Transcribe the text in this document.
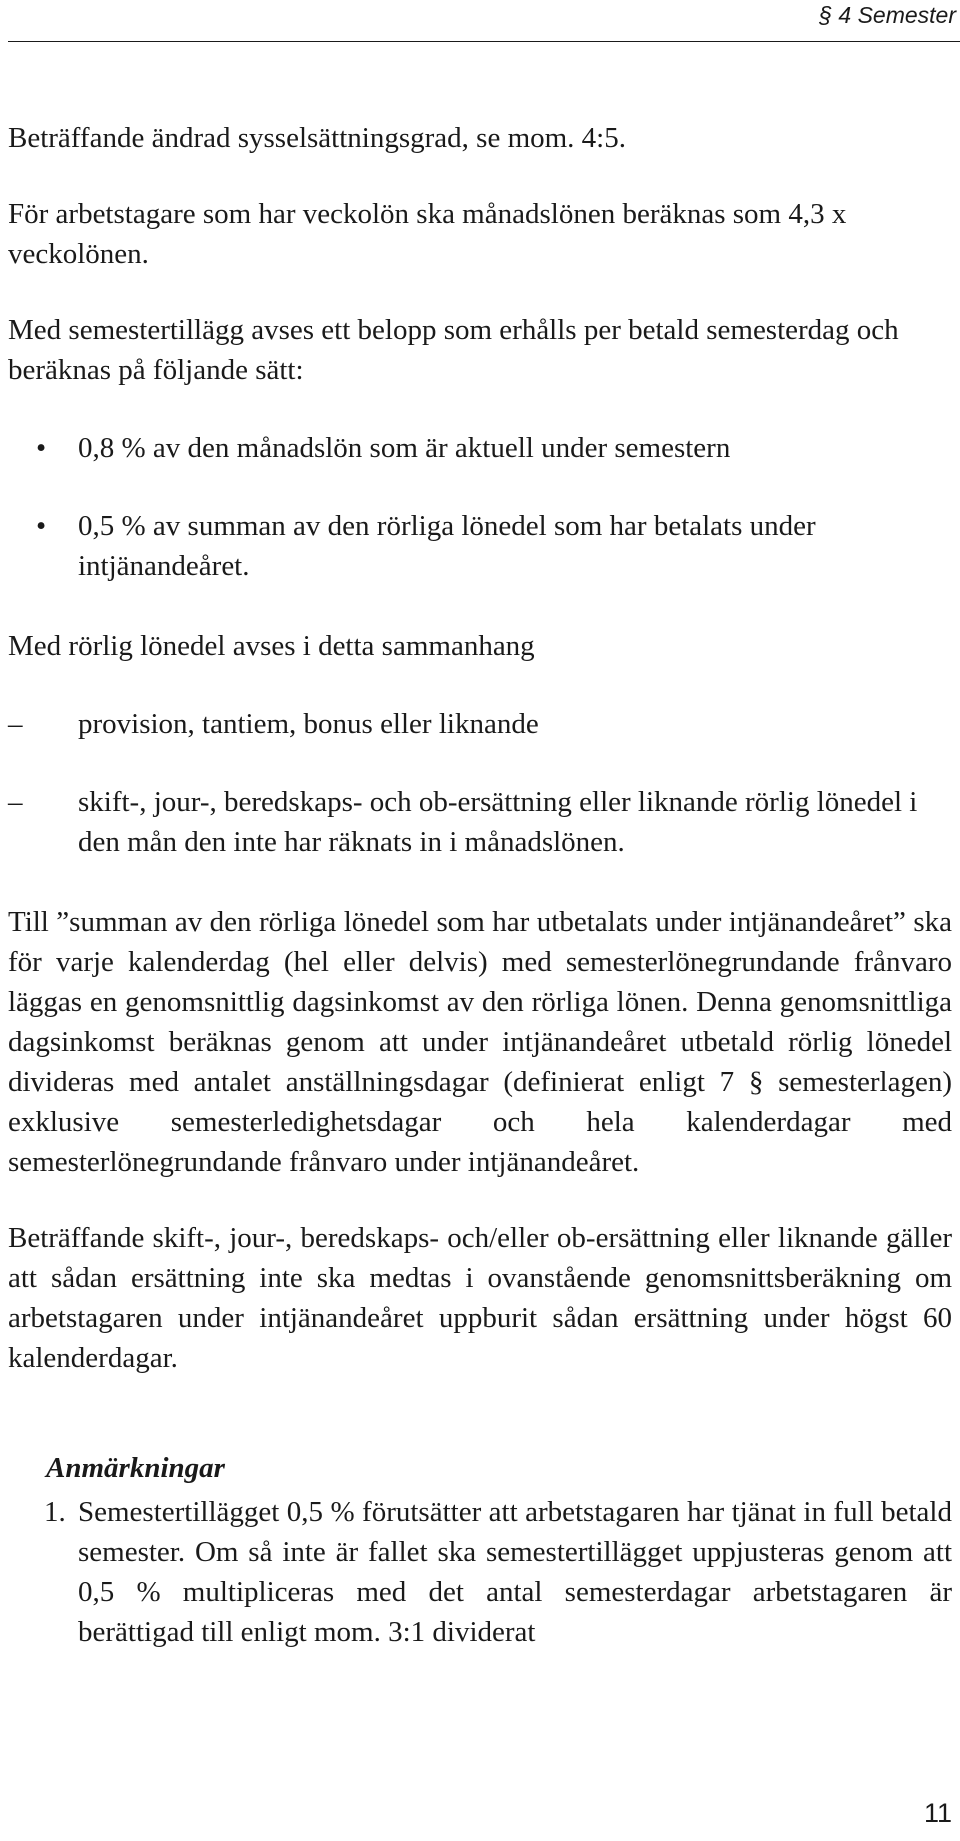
§ 4 Semester

Beträffande ändrad sysselsättningsgrad, se mom. 4:5.

För arbetstagare som har veckolön ska månadslönen beräknas som 4,3 x veckolönen.

Med semestertillägg avses ett belopp som erhålls per betald semesterdag och beräknas på följande sätt:

•	0,8 % av den månadslön som är aktuell under semestern
•	0,5 % av summan av den rörliga lönedel som har betalats under intjänandeåret.

Med rörlig lönedel avses i detta sammanhang

–	provision, tantiem, bonus eller liknande
–	skift-, jour-, beredskaps- och ob-ersättning eller liknande rörlig lönedel i den mån den inte har räknats in i månadslönen.

Till ”summan av den rörliga lönedel som har utbetalats under intjänandeåret” ska för varje kalenderdag (hel eller delvis) med semesterlönegrundande frånvaro läggas en genomsnittlig dagsinkomst av den rörliga lönen. Denna genomsnittliga dagsinkomst beräknas genom att under intjänandeåret utbetald rörlig lönedel divideras med antalet anställningsdagar (definierat enligt 7 § semesterlagen) exklusive semesterledighetsdagar och hela kalenderdagar med semesterlönegrundande frånvaro under intjänandeåret.

Beträffande skift-, jour-, beredskaps- och/eller ob-ersättning eller liknande gäller att sådan ersättning inte ska medtas i ovanstående genomsnittsberäkning om arbetstagaren under intjänandeåret uppburit sådan ersättning under högst 60 kalenderdagar.

Anmärkningar

1. Semestertillägget 0,5 % förutsätter att arbetstagaren har tjänat in full betald semester. Om så inte är fallet ska semestertillägget uppjusteras genom att 0,5 % multipliceras med det antal semesterdagar arbetstagaren är berättigad till enligt mom. 3:1 dividerat
11
